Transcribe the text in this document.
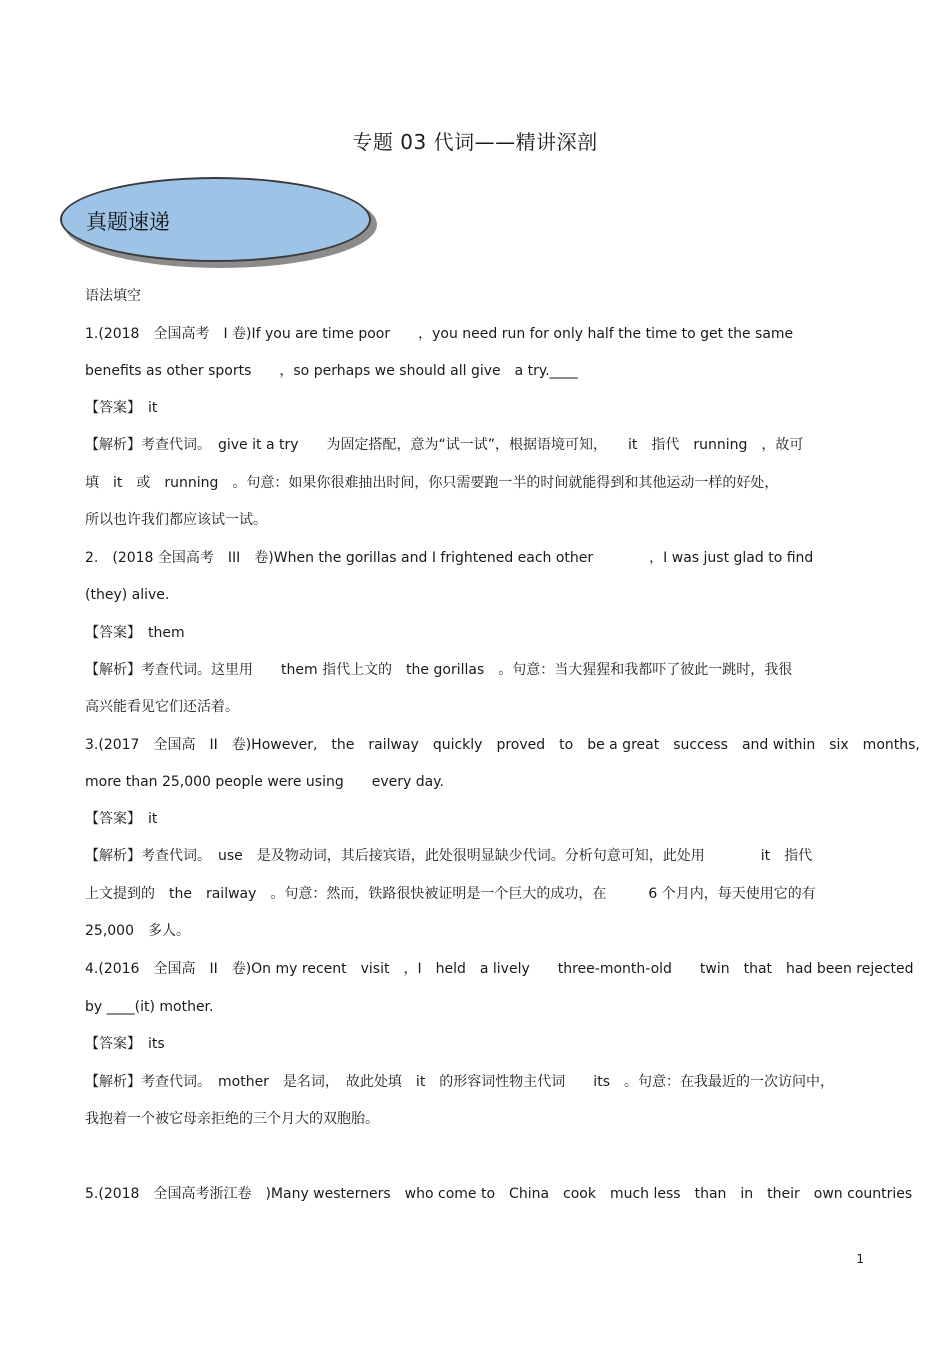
专题 03 代词——精讲深剖
真题速递
语法填空
1.(2018　全国高考　I 卷)If you are time poor　　，you need run for only half the time to get the same
benefits as other sports　　，so perhaps we should all give　a try.____
【答案】　it
【解析】考查代词。　give it a try　　为固定搭配，意为“试一试”，根据语境可知，　　it　指代　running　，故可
填　it　或　running　。句意：如果你很难抽出时间，你只需要跑一半的时间就能得到和其他运动一样的好处，
所以也许我们都应该试一试。
2.　(2018 全国高考　III　卷)When the gorillas and I frightened each other　　　　，I was just glad to find
(they) alive.
【答案】　them
【解析】考查代词。这里用　　them 指代上文的　the gorillas　。句意：当大猩猩和我都吓了彼此一跳时，我很
高兴能看见它们还活着。
3.(2017　全国高　II　卷)However,　the　railway　quickly　proved　to　be a great　success　and within　six　months,
more than 25,000 people were using　　every day.
【答案】　it
【解析】考查代词。　use　是及物动词，其后接宾语，此处很明显缺少代词。分析句意可知，此处用　　　　it　指代
上文提到的　the　railway　。句意：然而，铁路很快被证明是一个巨大的成功，在　　　6 个月内，每天使用它的有
25,000　多人。
4.(2016　全国高　II　卷)On my recent　visit　，I　held　a lively　　three-month-old　　twin　that　had been rejected
by ____(it) mother.
【答案】　its
【解析】考查代词。　mother　是名词，　故此处填　it　的形容词性物主代词　　its　。句意：在我最近的一次访问中，
我抱着一个被它母亲拒绝的三个月大的双胞胎。
5.(2018　全国高考浙江卷　)Many westerners　who come to　China　cook　much less　than　in　their　own countries
1
